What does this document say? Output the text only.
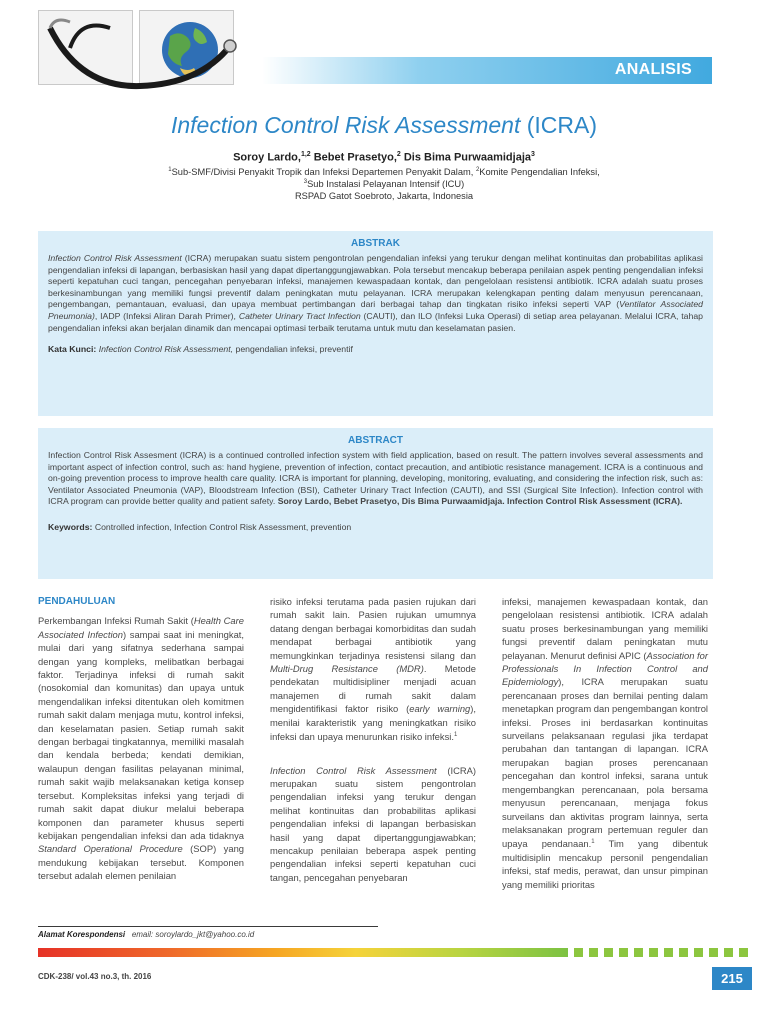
ANALISIS
Infection Control Risk Assessment (ICRA)
Soroy Lardo,$^{1,2}$ Bebet Prasetyo,$^2$ Dis Bima Purwaamidjaja$^3$
$^1$Sub-SMF/Divisi Penyakit Tropik dan Infeksi Departemen Penyakit Dalam, $^2$Komite Pengendalian Infeksi,
$^3$Sub Instalasi Pelayanan Intensif (ICU)
RSPAD Gatot Soebroto, Jakarta, Indonesia
ABSTRAK

Infection Control Risk Assessment (ICRA) merupakan suatu sistem pengontrolan pengendalian infeksi yang terukur dengan melihat kontinuitas dan probabilitas aplikasi pengendalian infeksi di lapangan, berbasiskan hasil yang dapat dipertanggungjawabkan. Pola tersebut mencakup beberapa penilaian aspek penting pengendalian infeksi seperti kepatuhan cuci tangan, pencegahan penyebaran infeksi, manajemen kewaspadaan kontak, dan pengelolaan resistensi antibiotik. ICRA adalah suatu proses berkesinambungan yang memiliki fungsi preventif dalam peningkatan mutu pelayanan. ICRA merupakan kelengkapan penting dalam menyusun perencanaan, pengembangan, pemantauan, evaluasi, dan upaya membuat pertimbangan dari berbagai tahap dan tingkatan risiko infeksi seperti VAP (Ventilator Associated Pneumonia), IADP (Infeksi Aliran Darah Primer), Catheter Urinary Tract Infection (CAUTI), dan ILO (Infeksi Luka Operasi) di setiap area pelayanan. Melalui ICRA, tahap pengendalian infeksi akan berjalan dinamik dan mencapai optimasi terbaik terutama untuk mutu dan keselamatan pasien.

Kata Kunci: Infection Control Risk Assessment, pengendalian infeksi, preventif

ABSTRACT

Infection Control Risk Assesment (ICRA) is a continued controlled infection system with field application, based on result. The pattern involves several assessments and important aspect of infection control, such as: hand hygiene, prevention of infection, contact precaution, and antibiotic resistance management. ICRA is a continuous and on-going prevention process to improve health care quality. ICRA is important for planning, developing, monitoring, evaluating, and considering the infection risk, such as: Ventilator Associated Pneumonia (VAP), Bloodstream Infection (BSI), Catheter Urinary Tract Infection (CAUTI), and SSI (Surgical Site Infection). Infection control with ICRA program can provide better quality and patient safety. Soroy Lardo, Bebet Prasetyo, Dis Bima Purwaamidjaja. Infection Control Risk Assessment (ICRA).

Keywords: Controlled infection, Infection Control Risk Assessment, prevention

PENDAHULUAN

Perkembangan Infeksi Rumah Sakit (Health Care Associated Infection) sampai saat ini meningkat, mulai dari yang sifatnya sederhana sampai dengan yang kompleks, melibatkan berbagai faktor. Terjadinya infeksi di rumah sakit (nosokomial dan komunitas) dan upaya untuk mengendalikan infeksi ditentukan oleh komitmen rumah sakit dalam menjaga mutu, kontrol infeksi, dan keselamatan pasien. Setiap rumah sakit dengan berbagai tingkatannya, memiliki masalah dan kendala berbeda; kendati demikian, walaupun dengan fasilitas pelayanan minimal, rumah sakit wajib melaksanakan ketiga konsep tersebut. Kompleksitas infeksi yang terjadi di rumah sakit dapat diukur melalui beberapa komponen dan parameter khusus seperti kebijakan pengendalian infeksi dan ada tidaknya Standard Operational Procedure (SOP) yang mendukung kebijakan tersebut. Komponen tersebut adalah elemen penilaian

risiko infeksi terutama pada pasien rujukan dari rumah sakit lain. Pasien rujukan umumnya datang dengan berbagai komorbiditas dan sudah mendapat berbagai antibiotik yang memungkinkan terjadinya resistensi silang dan Multi-Drug Resistance (MDR). Metode pendekatan multidisipliner menjadi acuan manajemen di rumah sakit dalam mengidentifikasi faktor risiko (early warning), menilai karakteristik yang meningkatkan risiko infeksi dan upaya menurunkan risiko infeksi.$^1$

Infection Control Risk Assessment (ICRA) merupakan suatu sistem pengontrolan pengendalian infeksi yang terukur dengan melihat kontinuitas dan probabilitas aplikasi pengendalian infeksi di lapangan berbasiskan hasil yang dapat dipertanggungjawabkan; mencakup penilaian beberapa aspek penting pengendalian infeksi seperti kepatuhan cuci tangan, pencegahan penyebaran

infeksi, manajemen kewaspadaan kontak, dan pengelolaan resistensi antibiotik. ICRA adalah suatu proses berkesinambungan yang memiliki fungsi preventif dalam peningkatan mutu pelayanan. Menurut definisi APIC (Association for Professionals In Infection Control and Epidemiology), ICRA merupakan suatu perencanaan proses dan bernilai penting dalam menetapkan program dan pengembangan kontrol infeksi. Proses ini berdasarkan kontinuitas surveilans pelaksanaan regulasi jika terdapat perubahan dan tantangan di lapangan. ICRA merupakan bagian proses perencanaan pencegahan dan kontrol infeksi, sarana untuk mengembangkan perencanaan, pola bersama menyusun perencanaan, menjaga fokus surveilans dan aktivitas program lainnya, serta melaksanakan program pertemuan reguler dan upaya pendanaan.$^1$ Tim yang dibentuk multidisiplin mencakup personil pengendalian infeksi, staf medis, perawat, dan unsur pimpinan yang memiliki prioritas

Alamat Korespondensi email: soroylardo_jkt@yahoo.co.id
CDK-238/ vol.43 no.3, th. 2016	215
